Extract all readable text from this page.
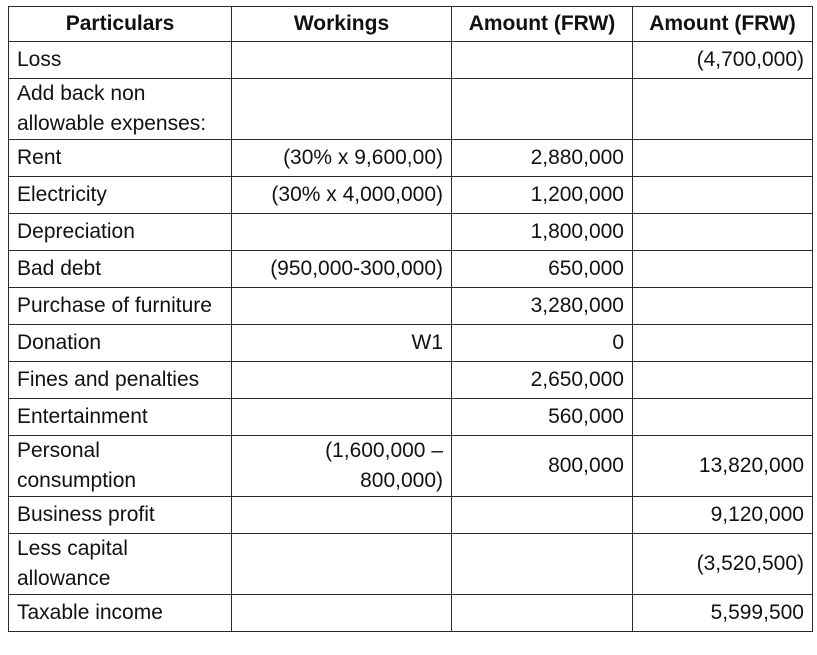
Particulars	Workings	Amount (FRW)	Amount (FRW)
Loss			(4,700,000)
Add back non allowable expenses:			
Rent	(30% x 9,600,00)	2,880,000	
Electricity	(30% x 4,000,000)	1,200,000	
Depreciation		1,800,000	
Bad debt	(950,000-300,000)	650,000	
Purchase of furniture		3,280,000	
Donation	W1	0	
Fines and penalties		2,650,000	
Entertainment		560,000	
Personal consumption	(1,600,000 – 800,000)	800,000	13,820,000
Business profit			9,120,000
Less capital allowance			(3,520,500)
Taxable income			5,599,500
